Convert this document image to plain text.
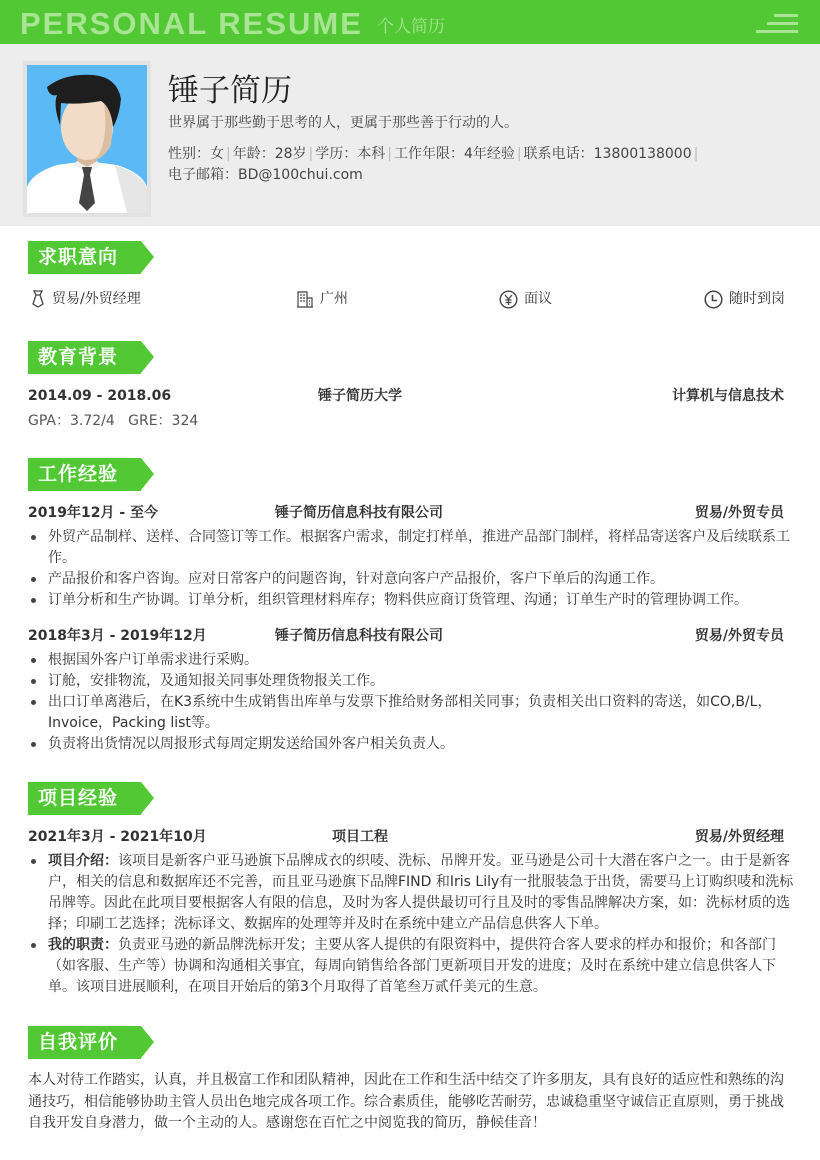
PERSONAL RESUME 个人简历
锤子简历
世界属于那些勤于思考的人，更属于那些善于行动的人。
性别：女 | 年龄：28岁 | 学历：本科 | 工作年限：4年经验 | 联系电话：13800138000 |
电子邮箱：BD@100chui.com
求职意向
贸易/外贸经理	广州	面议	随时到岗
教育背景
2014.09 - 2018.06	锤子简历大学	计算机与信息技术
GPA：3.72/4   GRE：324
工作经验
2019年12月 - 至今	锤子简历信息科技有限公司	贸易/外贸专员
外贸产品制样、送样、合同签订等工作。根据客户需求，制定打样单，推进产品部门制样，将样品寄送客户及后续联系工作。
产品报价和客户咨询。应对日常客户的问题咨询，针对意向客户产品报价，客户下单后的沟通工作。
订单分析和生产协调。订单分析，组织管理材料库存；物料供应商订货管理、沟通；订单生产时的管理协调工作。
2018年3月 - 2019年12月	锤子简历信息科技有限公司	贸易/外贸专员
根据国外客户订单需求进行采购。
订舱，安排物流，及通知报关同事处理货物报关工作。
出口订单离港后，在K3系统中生成销售出库单与发票下推给财务部相关同事；负责相关出口资料的寄送，如CO,B/L，Invoice，Packing list等。
负责将出货情况以周报形式每周定期发送给国外客户相关负责人。
项目经验
2021年3月 - 2021年10月	项目工程	贸易/外贸经理
项目介绍：该项目是新客户亚马逊旗下品牌成衣的织唛、洗标、吊牌开发。亚马逊是公司十大潜在客户之一。由于是新客户，相关的信息和数据库还不完善，而且亚马逊旗下品牌FIND 和Iris Lily有一批服装急于出货，需要马上订购织唛和洗标吊牌等。因此在此项目要根据客人有限的信息，及时为客人提供最切可行且及时的零售品牌解决方案，如：洗标材质的选择；印刷工艺选择；洗标译文、数据库的处理等并及时在系统中建立产品信息供客人下单。
我的职责：负责亚马逊的新品牌洗标开发；主要从客人提供的有限资料中，提供符合客人要求的样办和报价；和各部门（如客服、生产等）协调和沟通相关事宜，每周向销售给各部门更新项目开发的进度；及时在系统中建立信息供客人下单。该项目进展顺利，在项目开始后的第3个月取得了首笔叁万贰仟美元的生意。
自我评价
本人对待工作踏实，认真，并且极富工作和团队精神，因此在工作和生活中结交了许多朋友，具有良好的适应性和熟练的沟通技巧，相信能够协助主管人员出色地完成各项工作。综合素质佳，能够吃苦耐劳，忠诚稳重坚守诚信正直原则，勇于挑战自我开发自身潜力，做一个主动的人。感谢您在百忙之中阅览我的简历，静候佳音！
